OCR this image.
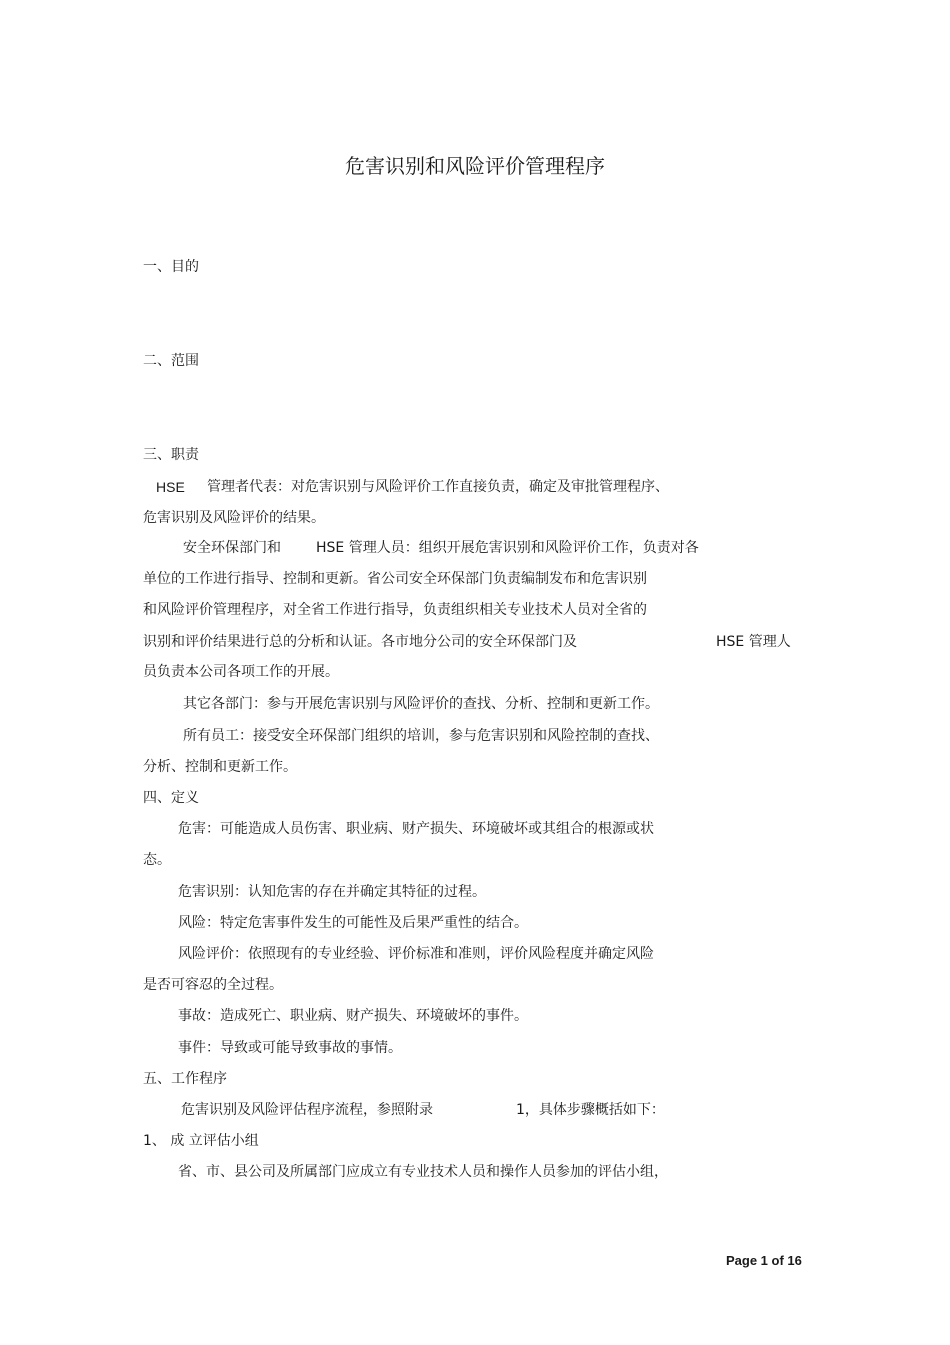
危害识别和风险评价管理程序
一、目的
二、范围
三、职责
HSE 管理者代表：对危害识别与风险评价工作直接负责，确定及审批管理程序、
危害识别及风险评价的结果。
安全环保部门和	HSE 管理人员：组织开展危害识别和风险评价工作，负责对各
单位的工作进行指导、控制和更新。省公司安全环保部门负责编制发布和危害识别
和风险评价管理程序，对全省工作进行指导，负责组织相关专业技术人员对全省的
识别和评价结果进行总的分析和认证。各市地分公司的安全环保部门及	HSE 管理人
员负责本公司各项工作的开展。
其它各部门：参与开展危害识别与风险评价的查找、分析、控制和更新工作。
所有员工：接受安全环保部门组织的培训，参与危害识别和风险控制的查找、
分析、控制和更新工作。
四、定义
危害：可能造成人员伤害、职业病、财产损失、环境破坏或其组合的根源或状
态。
危害识别：认知危害的存在并确定其特征的过程。
风险：特定危害事件发生的可能性及后果严重性的结合。
风险评价：依照现有的专业经验、评价标准和准则，评价风险程度并确定风险
是否可容忍的全过程。
事故：造成死亡、职业病、财产损失、环境破坏的事件。
事件：导致或可能导致事故的事情。
五、工作程序
危害识别及风险评估程序流程，参照附录	1，具体步骤概括如下：
1、 成 立评估小组
省、市、县公司及所属部门应成立有专业技术人员和操作人员参加的评估小组，
Page 1 of 16
